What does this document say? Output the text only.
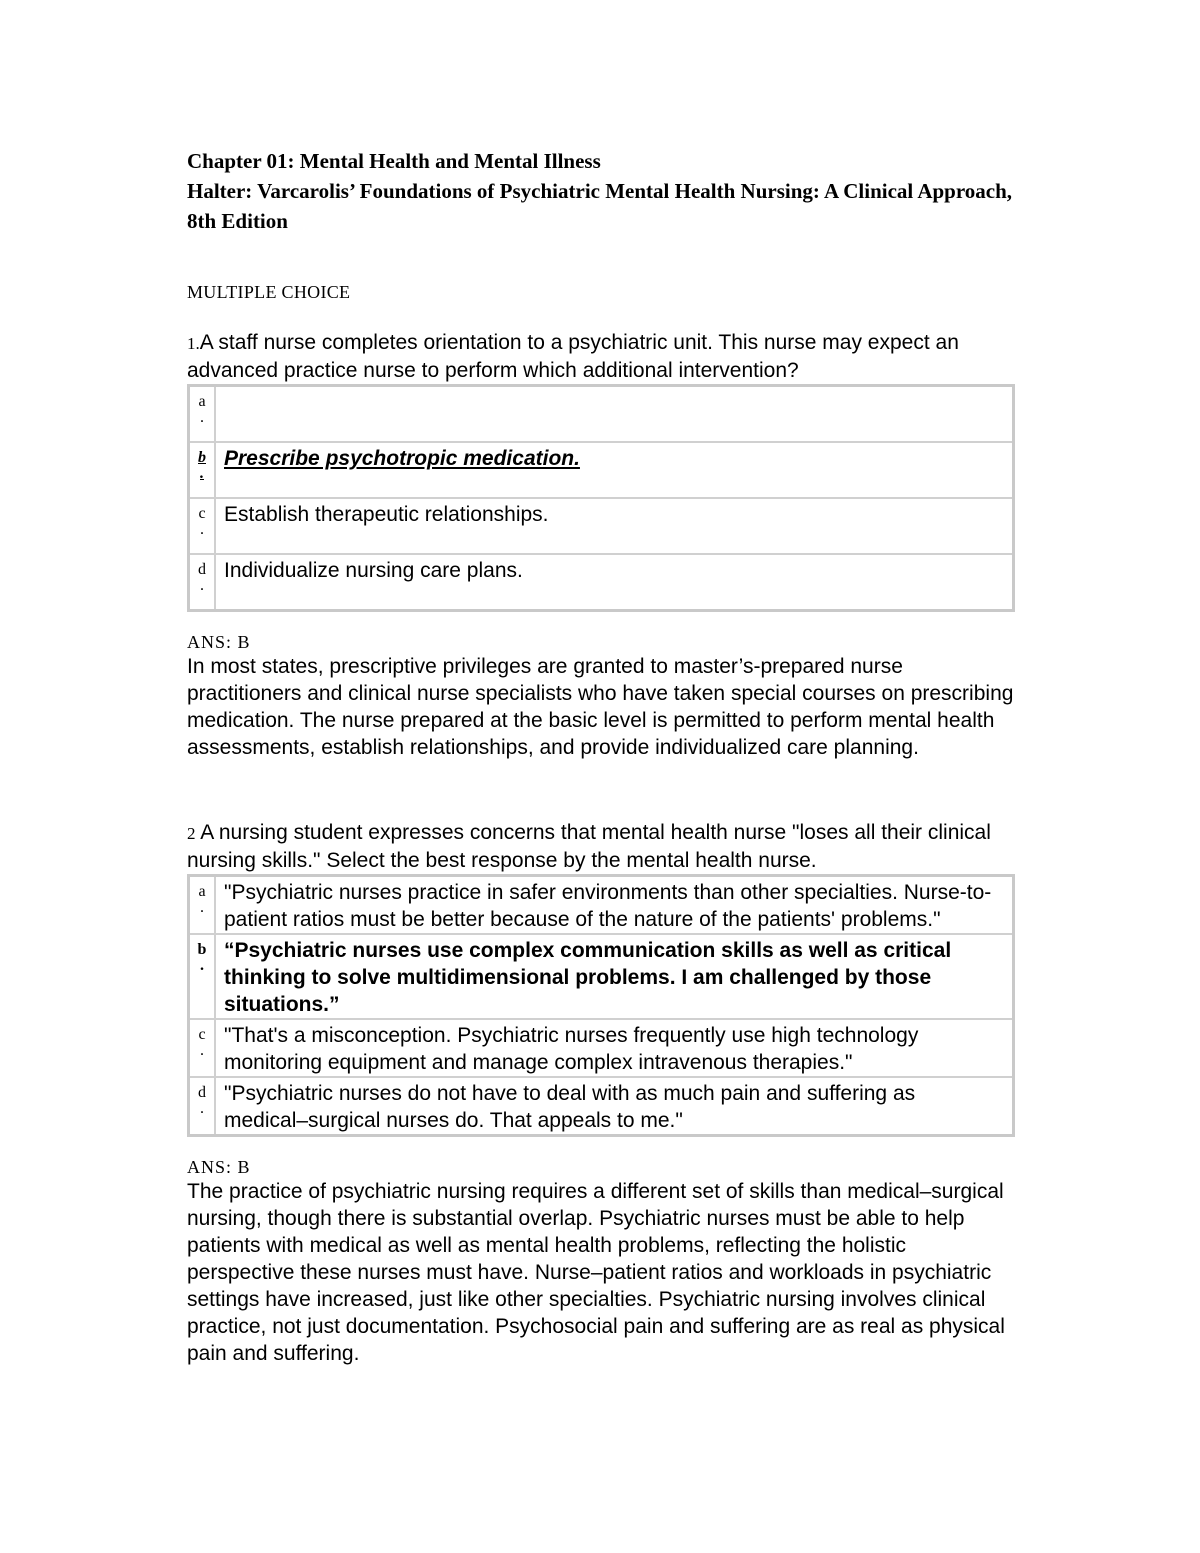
Chapter 01: Mental Health and Mental Illness

Halter: Varcarolis’ Foundations of Psychiatric Mental Health Nursing: A Clinical Approach, 8th Edition

MULTIPLE CHOICE
1.A staff nurse completes orientation to a psychiatric unit. This nurse may expect an advanced practice nurse to perform which additional intervention?
a
.	

b
.	Prescribe psychotropic medication.
c
.	Establish therapeutic relationships.
d
.	Individualize nursing care plans.
ANS: B
In most states, prescriptive privileges are granted to master’s-prepared nurse practitioners and clinical nurse specialists who have taken special courses on prescribing medication. The nurse prepared at the basic level is permitted to perform mental health assessments, establish relationships, and provide individualized care planning.
2 A nursing student expresses concerns that mental health nurse "loses all their clinical nursing skills." Select the best response by the mental health nurse.
a
.	"Psychiatric nurses practice in safer environments than other specialties. Nurse-to-patient ratios must be better because of the nature of the patients' problems."
b
.	“Psychiatric nurses use complex communication skills as well as critical thinking to solve multidimensional problems. I am challenged by those situations.”
c
.	"That's a misconception. Psychiatric nurses frequently use high technology monitoring equipment and manage complex intravenous therapies."
d
.	"Psychiatric nurses do not have to deal with as much pain and suffering as medical–surgical nurses do. That appeals to me."
ANS: B
The practice of psychiatric nursing requires a different set of skills than medical–surgical nursing, though there is substantial overlap. Psychiatric nurses must be able to help patients with medical as well as mental health problems, reflecting the holistic perspective these nurses must have. Nurse–patient ratios and workloads in psychiatric settings have increased, just like other specialties. Psychiatric nursing involves clinical practice, not just documentation. Psychosocial pain and suffering are as real as physical pain and suffering.
